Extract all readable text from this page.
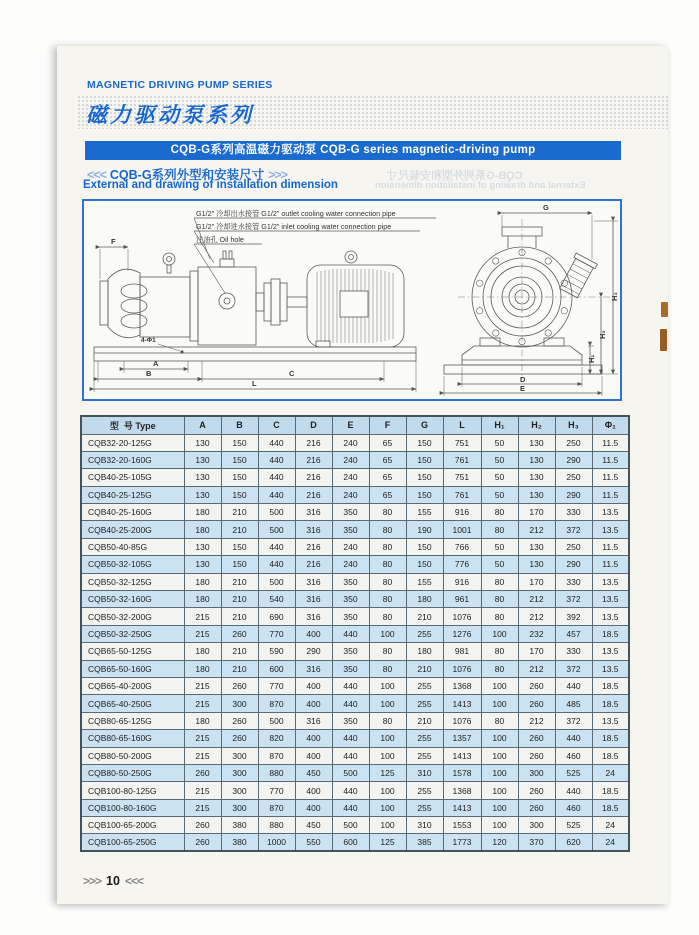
MAGNETIC DRIVING PUMP SERIES
磁力驱动泵系列
CQB-G系列高温磁力驱动泵 CQB-G series magnetic-driving pump
<<< CQB-G系列外型和安装尺寸 >>>
External and drawing of installation dimension
CQB-G系列外型和安装尺寸
External and drawing of installation dimension
G1/2" 冷却出水接管 G1/2" outlet cooling water connection pipe
G1/2" 冷却进水接管 G1/2" inlet cooling water connection pipe
注油孔 Oil hole
F
4-Φ1
A
B	C
L
G
D
E
H₁
H₂
H₃
型  号 Type	A	B	C	D	E	F	G	L	H₁	H₂	H₃	Φ₁
CQB32-20-125G	130	150	440	216	240	65	150	751	50	130	250	11.5
CQB32-20-160G	130	150	440	216	240	65	150	761	50	130	290	11.5
CQB40-25-105G	130	150	440	216	240	65	150	751	50	130	250	11.5
CQB40-25-125G	130	150	440	216	240	65	150	761	50	130	290	11.5
CQB40-25-160G	180	210	500	316	350	80	155	916	80	170	330	13.5
CQB40-25-200G	180	210	500	316	350	80	190	1001	80	212	372	13.5
CQB50-40-85G	130	150	440	216	240	80	150	766	50	130	250	11.5
CQB50-32-105G	130	150	440	216	240	80	150	776	50	130	290	11.5
CQB50-32-125G	180	210	500	316	350	80	155	916	80	170	330	13.5
CQB50-32-160G	180	210	540	316	350	80	180	961	80	212	372	13.5
CQB50-32-200G	215	210	690	316	350	80	210	1076	80	212	392	13.5
CQB50-32-250G	215	260	770	400	440	100	255	1276	100	232	457	18.5
CQB65-50-125G	180	210	590	290	350	80	180	981	80	170	330	13.5
CQB65-50-160G	180	210	600	316	350	80	210	1076	80	212	372	13.5
CQB65-40-200G	215	260	770	400	440	100	255	1368	100	260	440	18.5
CQB65-40-250G	215	300	870	400	440	100	255	1413	100	260	485	18.5
CQB80-65-125G	180	260	500	316	350	80	210	1076	80	212	372	13.5
CQB80-65-160G	215	260	820	400	440	100	255	1357	100	260	440	18.5
CQB80-50-200G	215	300	870	400	440	100	255	1413	100	260	460	18.5
CQB80-50-250G	260	300	880	450	500	125	310	1578	100	300	525	24
CQB100-80-125G	215	300	770	400	440	100	255	1368	100	260	440	18.5
CQB100-80-160G	215	300	870	400	440	100	255	1413	100	260	460	18.5
CQB100-65-200G	260	380	880	450	500	100	310	1553	100	300	525	24
CQB100-65-250G	260	380	1000	550	600	125	385	1773	120	370	620	24
>>> 10 <<<
